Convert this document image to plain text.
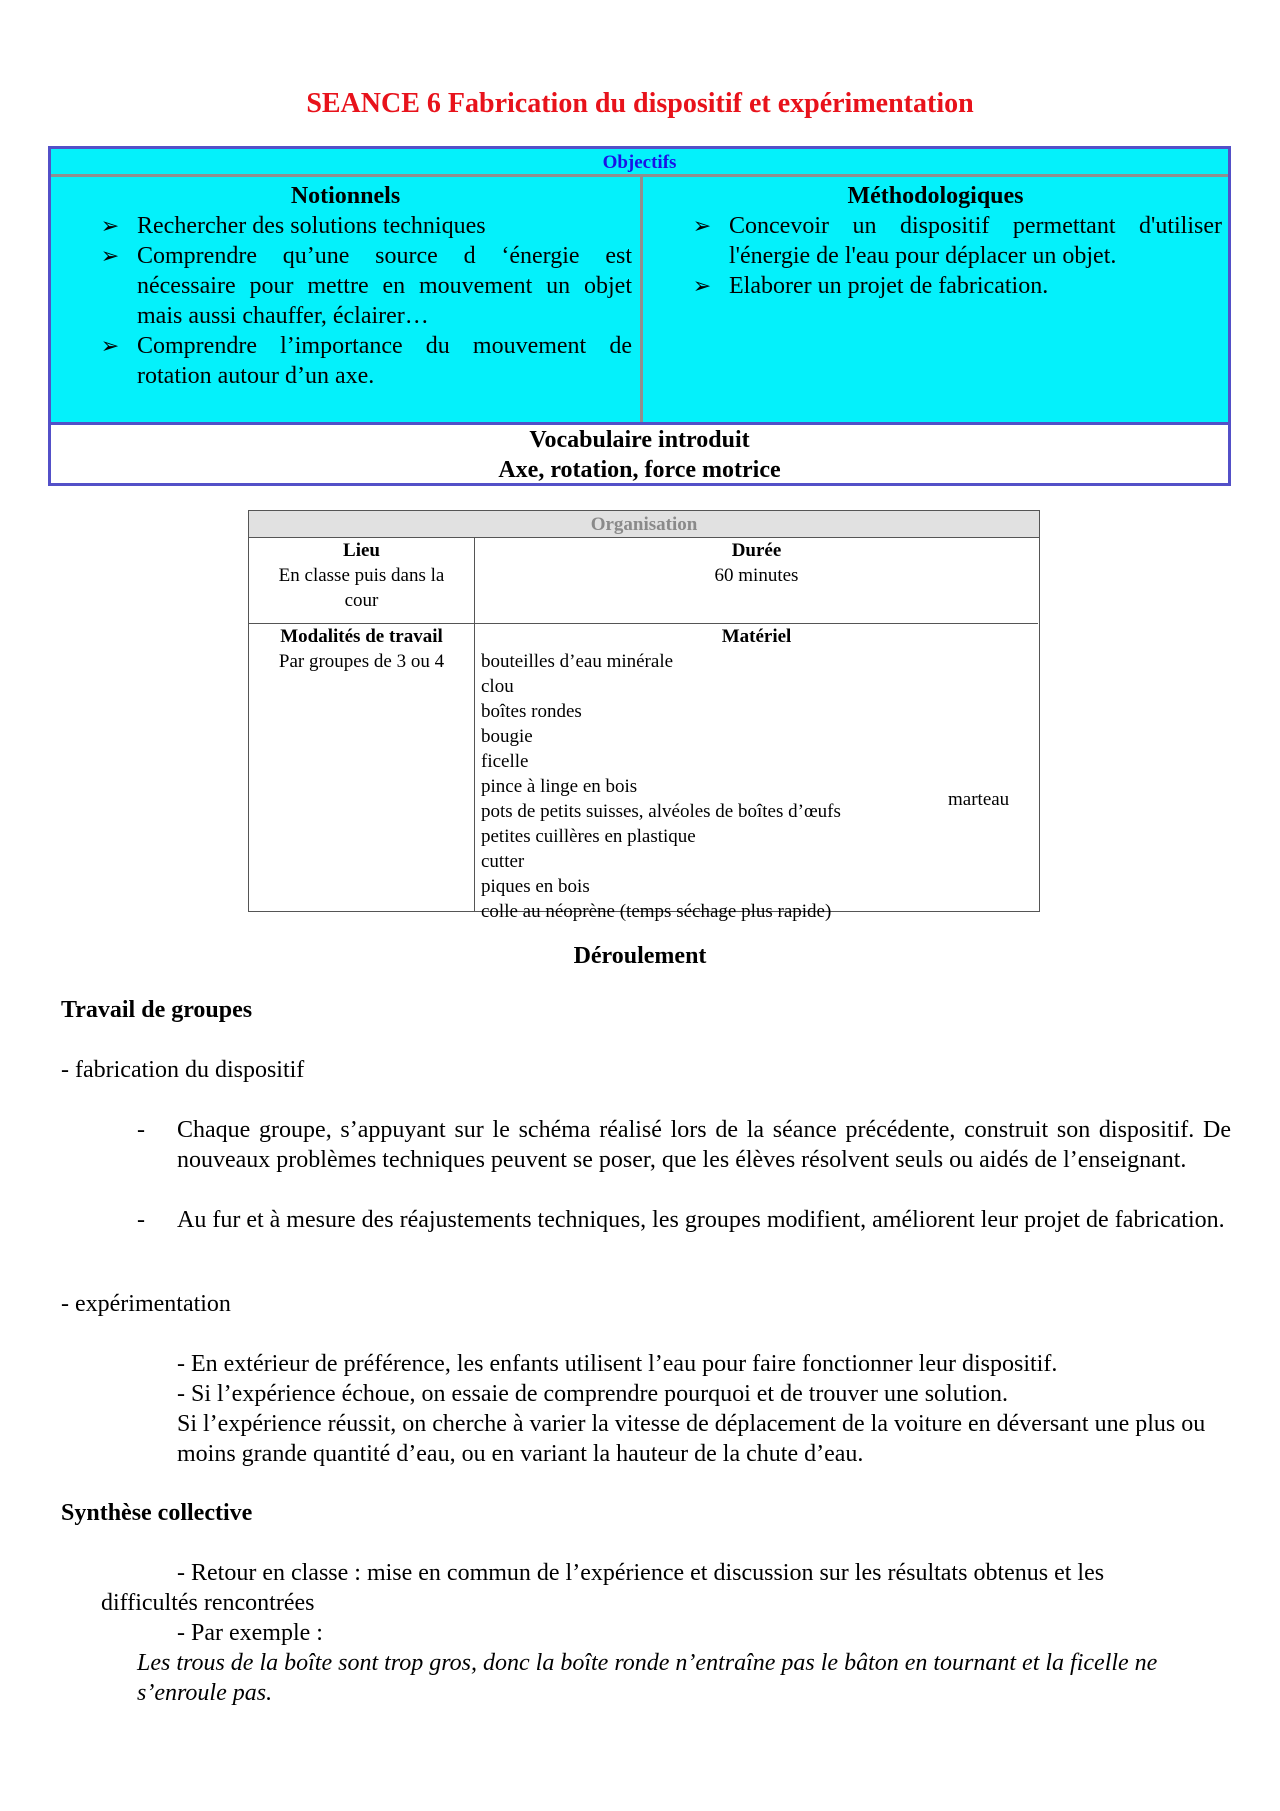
SEANCE 6 Fabrication du dispositif et expérimentation
Objectifs
Notionnels
➢ Rechercher des solutions techniques
➢ Comprendre qu’une source d ‘énergie est nécessaire pour mettre en mouvement un objet mais aussi chauffer, éclairer…
➢ Comprendre l’importance du mouvement de rotation autour d’un axe.
Méthodologiques
➢ Concevoir un dispositif permettant d'utiliser l'énergie de l'eau pour déplacer un objet.
➢ Elaborer un projet de fabrication.
Vocabulaire introduit
Axe, rotation, force motrice
Organisation
Lieu
En classe puis dans la cour
Durée
60 minutes
Modalités de travail
Par groupes de 3 ou 4
Matériel
bouteilles d’eau minérale
clou
boîtes rondes
bougie
ficelle
pince à linge en bois
pots de petits suisses, alvéoles de boîtes d’œufs
petites cuillères en plastique
cutter
piques en bois
colle au néoprène (temps séchage plus rapide)
marteau
Déroulement
Travail de groupes
- fabrication du dispositif
- Chaque groupe, s’appuyant sur le schéma réalisé lors de la séance précédente, construit son dispositif. De nouveaux problèmes techniques peuvent se poser, que les élèves résolvent seuls ou aidés de l’enseignant.
- Au fur et à mesure des réajustements techniques, les groupes modifient, améliorent leur projet de fabrication.
- expérimentation
- En extérieur de préférence, les enfants utilisent l’eau pour faire fonctionner leur dispositif.
- Si l’expérience échoue, on essaie de comprendre pourquoi et de trouver une solution.
Si l’expérience réussit, on cherche à varier la vitesse de déplacement de la voiture en déversant une plus ou moins grande quantité d’eau, ou en variant la hauteur de la chute d’eau.
Synthèse collective
- Retour en classe : mise en commun de l’expérience et discussion sur les résultats obtenus et les
difficultés rencontrées
- Par exemple :
Les trous de la boîte sont trop gros, donc la boîte ronde n’entraîne pas le bâton en tournant et la ficelle ne s’enroule pas.
